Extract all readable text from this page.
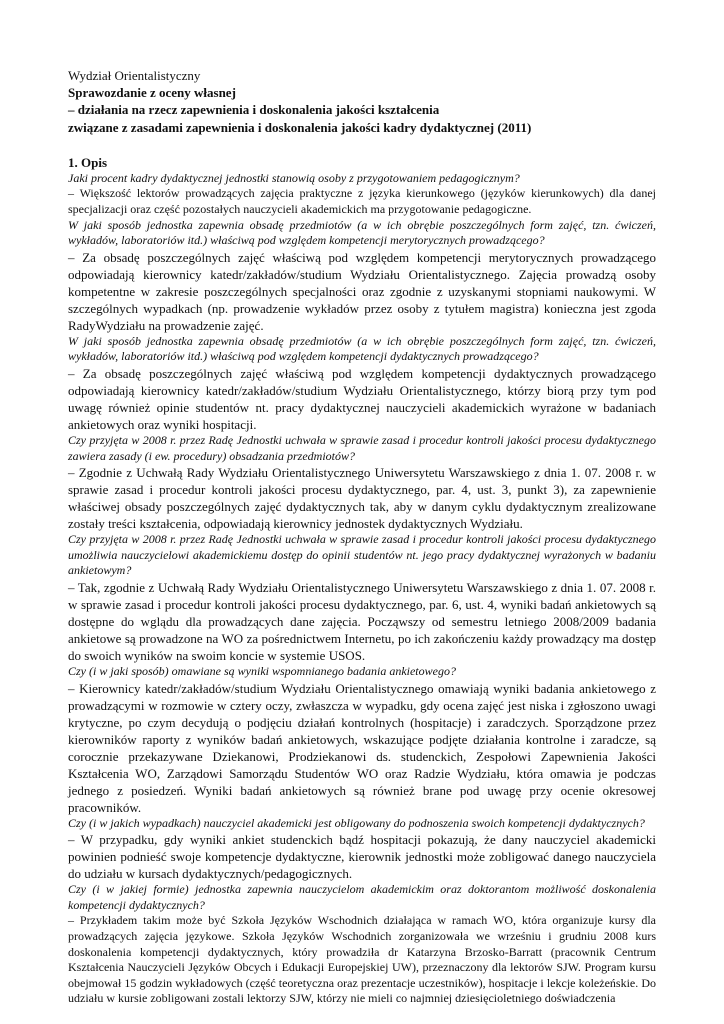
Wydział Orientalistyczny
Sprawozdanie z oceny własnej
– działania na rzecz zapewnienia i doskonalenia jakości kształcenia
związane z zasadami zapewnienia i doskonalenia jakości kadry dydaktycznej (2011)
1. Opis
Jaki procent kadry dydaktycznej jednostki stanowią osoby z przygotowaniem pedagogicznym?
– Większość lektorów prowadzących zajęcia praktyczne z języka kierunkowego (języków kierunkowych) dla danej specjalizacji oraz część pozostałych nauczycieli akademickich ma przygotowanie pedagogiczne.
W jaki sposób jednostka zapewnia obsadę przedmiotów (a w ich obrębie poszczególnych form zajęć, tzn. ćwiczeń, wykładów, laboratoriów itd.) właściwą pod względem kompetencji merytorycznych prowadzącego?
– Za obsadę poszczególnych zajęć właściwą pod względem kompetencji merytorycznych prowadzącego odpowiadają kierownicy katedr/zakładów/studium Wydziału Orientalistycznego. Zajęcia prowadzą osoby kompetentne w zakresie poszczególnych specjalności oraz zgodnie z uzyskanymi stopniami naukowymi. W szczególnych wypadkach (np. prowadzenie wykładów przez osoby z tytułem magistra) konieczna jest zgoda RadyWydziału na prowadzenie zajęć.
W jaki sposób jednostka zapewnia obsadę przedmiotów (a w ich obrębie poszczególnych form zajęć, tzn. ćwiczeń, wykładów, laboratoriów itd.) właściwą pod względem kompetencji dydaktycznych prowadzącego?
– Za obsadę poszczególnych zajęć właściwą pod względem kompetencji dydaktycznych prowadzącego odpowiadają kierownicy katedr/zakładów/studium Wydziału Orientalistycznego, którzy biorą przy tym pod uwagę również opinie studentów nt. pracy dydaktycznej nauczycieli akademickich wyrażone w badaniach ankietowych oraz wyniki hospitacji.
Czy przyjęta w 2008 r. przez Radę Jednostki uchwała w sprawie zasad i procedur kontroli jakości procesu dydaktycznego zawiera zasady (i ew. procedury) obsadzania przedmiotów?
– Zgodnie z Uchwałą Rady Wydziału Orientalistycznego Uniwersytetu Warszawskiego z dnia 1. 07. 2008 r. w sprawie zasad i procedur kontroli jakości procesu dydaktycznego, par. 4, ust. 3, punkt 3), za zapewnienie właściwej obsady poszczególnych zajęć dydaktycznych tak, aby w danym cyklu dydaktycznym zrealizowane zostały treści kształcenia, odpowiadają kierownicy jednostek dydaktycznych Wydziału.
Czy przyjęta w 2008 r. przez Radę Jednostki uchwała w sprawie zasad i procedur kontroli jakości procesu dydaktycznego umożliwia nauczycielowi akademickiemu dostęp do opinii studentów nt. jego pracy dydaktycznej wyrażonych w badaniu ankietowym?
– Tak, zgodnie z Uchwałą Rady Wydziału Orientalistycznego Uniwersytetu Warszawskiego z dnia 1. 07. 2008 r. w sprawie zasad i procedur kontroli jakości procesu dydaktycznego, par. 6, ust. 4, wyniki badań ankietowych są dostępne do wglądu dla prowadzących dane zajęcia. Począwszy od semestru letniego 2008/2009 badania ankietowe są prowadzone na WO za pośrednictwem Internetu, po ich zakończeniu każdy prowadzący ma dostęp do swoich wyników na swoim koncie w systemie USOS.
Czy (i w jaki sposób) omawiane są wyniki wspomnianego badania ankietowego?
– Kierownicy katedr/zakładów/studium Wydziału Orientalistycznego omawiają wyniki badania ankietowego z prowadzącymi w rozmowie w cztery oczy, zwłaszcza w wypadku, gdy ocena zajęć jest niska i zgłoszono uwagi krytyczne, po czym decydują o podjęciu działań kontrolnych (hospitacje) i zaradczych. Sporządzone przez kierowników raporty z wyników badań ankietowych, wskazujące podjęte działania kontrolne i zaradcze, są corocznie przekazywane Dziekanowi, Prodziekanowi ds. studenckich, Zespołowi Zapewnienia Jakości Kształcenia WO, Zarządowi Samorządu Studentów WO oraz Radzie Wydziału, która omawia je podczas jednego z posiedzeń. Wyniki badań ankietowych są również brane pod uwagę przy ocenie okresowej pracowników.
Czy (i w jakich wypadkach) nauczyciel akademicki jest obligowany do podnoszenia swoich kompetencji dydaktycznych?
– W przypadku, gdy wyniki ankiet studenckich bądź hospitacji pokazują, że dany nauczyciel akademicki powinien podnieść swoje kompetencje dydaktyczne, kierownik jednostki może zobligować danego nauczyciela do udziału w kursach dydaktycznych/pedagogicznych.
Czy (i w jakiej formie) jednostka zapewnia nauczycielom akademickim oraz doktorantom możliwość doskonalenia kompetencji dydaktycznych?
– Przykładem takim może być Szkoła Języków Wschodnich działająca w ramach WO, która organizuje kursy dla prowadzących zajęcia językowe. Szkoła Języków Wschodnich zorganizowała we wrześniu i grudniu 2008 kurs doskonalenia kompetencji dydaktycznych, który prowadziła dr Katarzyna Brzosko-Barratt (pracownik Centrum Kształcenia Nauczycieli Języków Obcych i Edukacji Europejskiej UW), przeznaczony dla lektorów SJW. Program kursu obejmował 15 godzin wykładowych (część teoretyczna oraz prezentacje uczestników), hospitacje i lekcje koleżeńskie. Do udziału w kursie zobligowani zostali lektorzy SJW, którzy nie mieli co najmniej dziesięcioletniego doświadczenia
